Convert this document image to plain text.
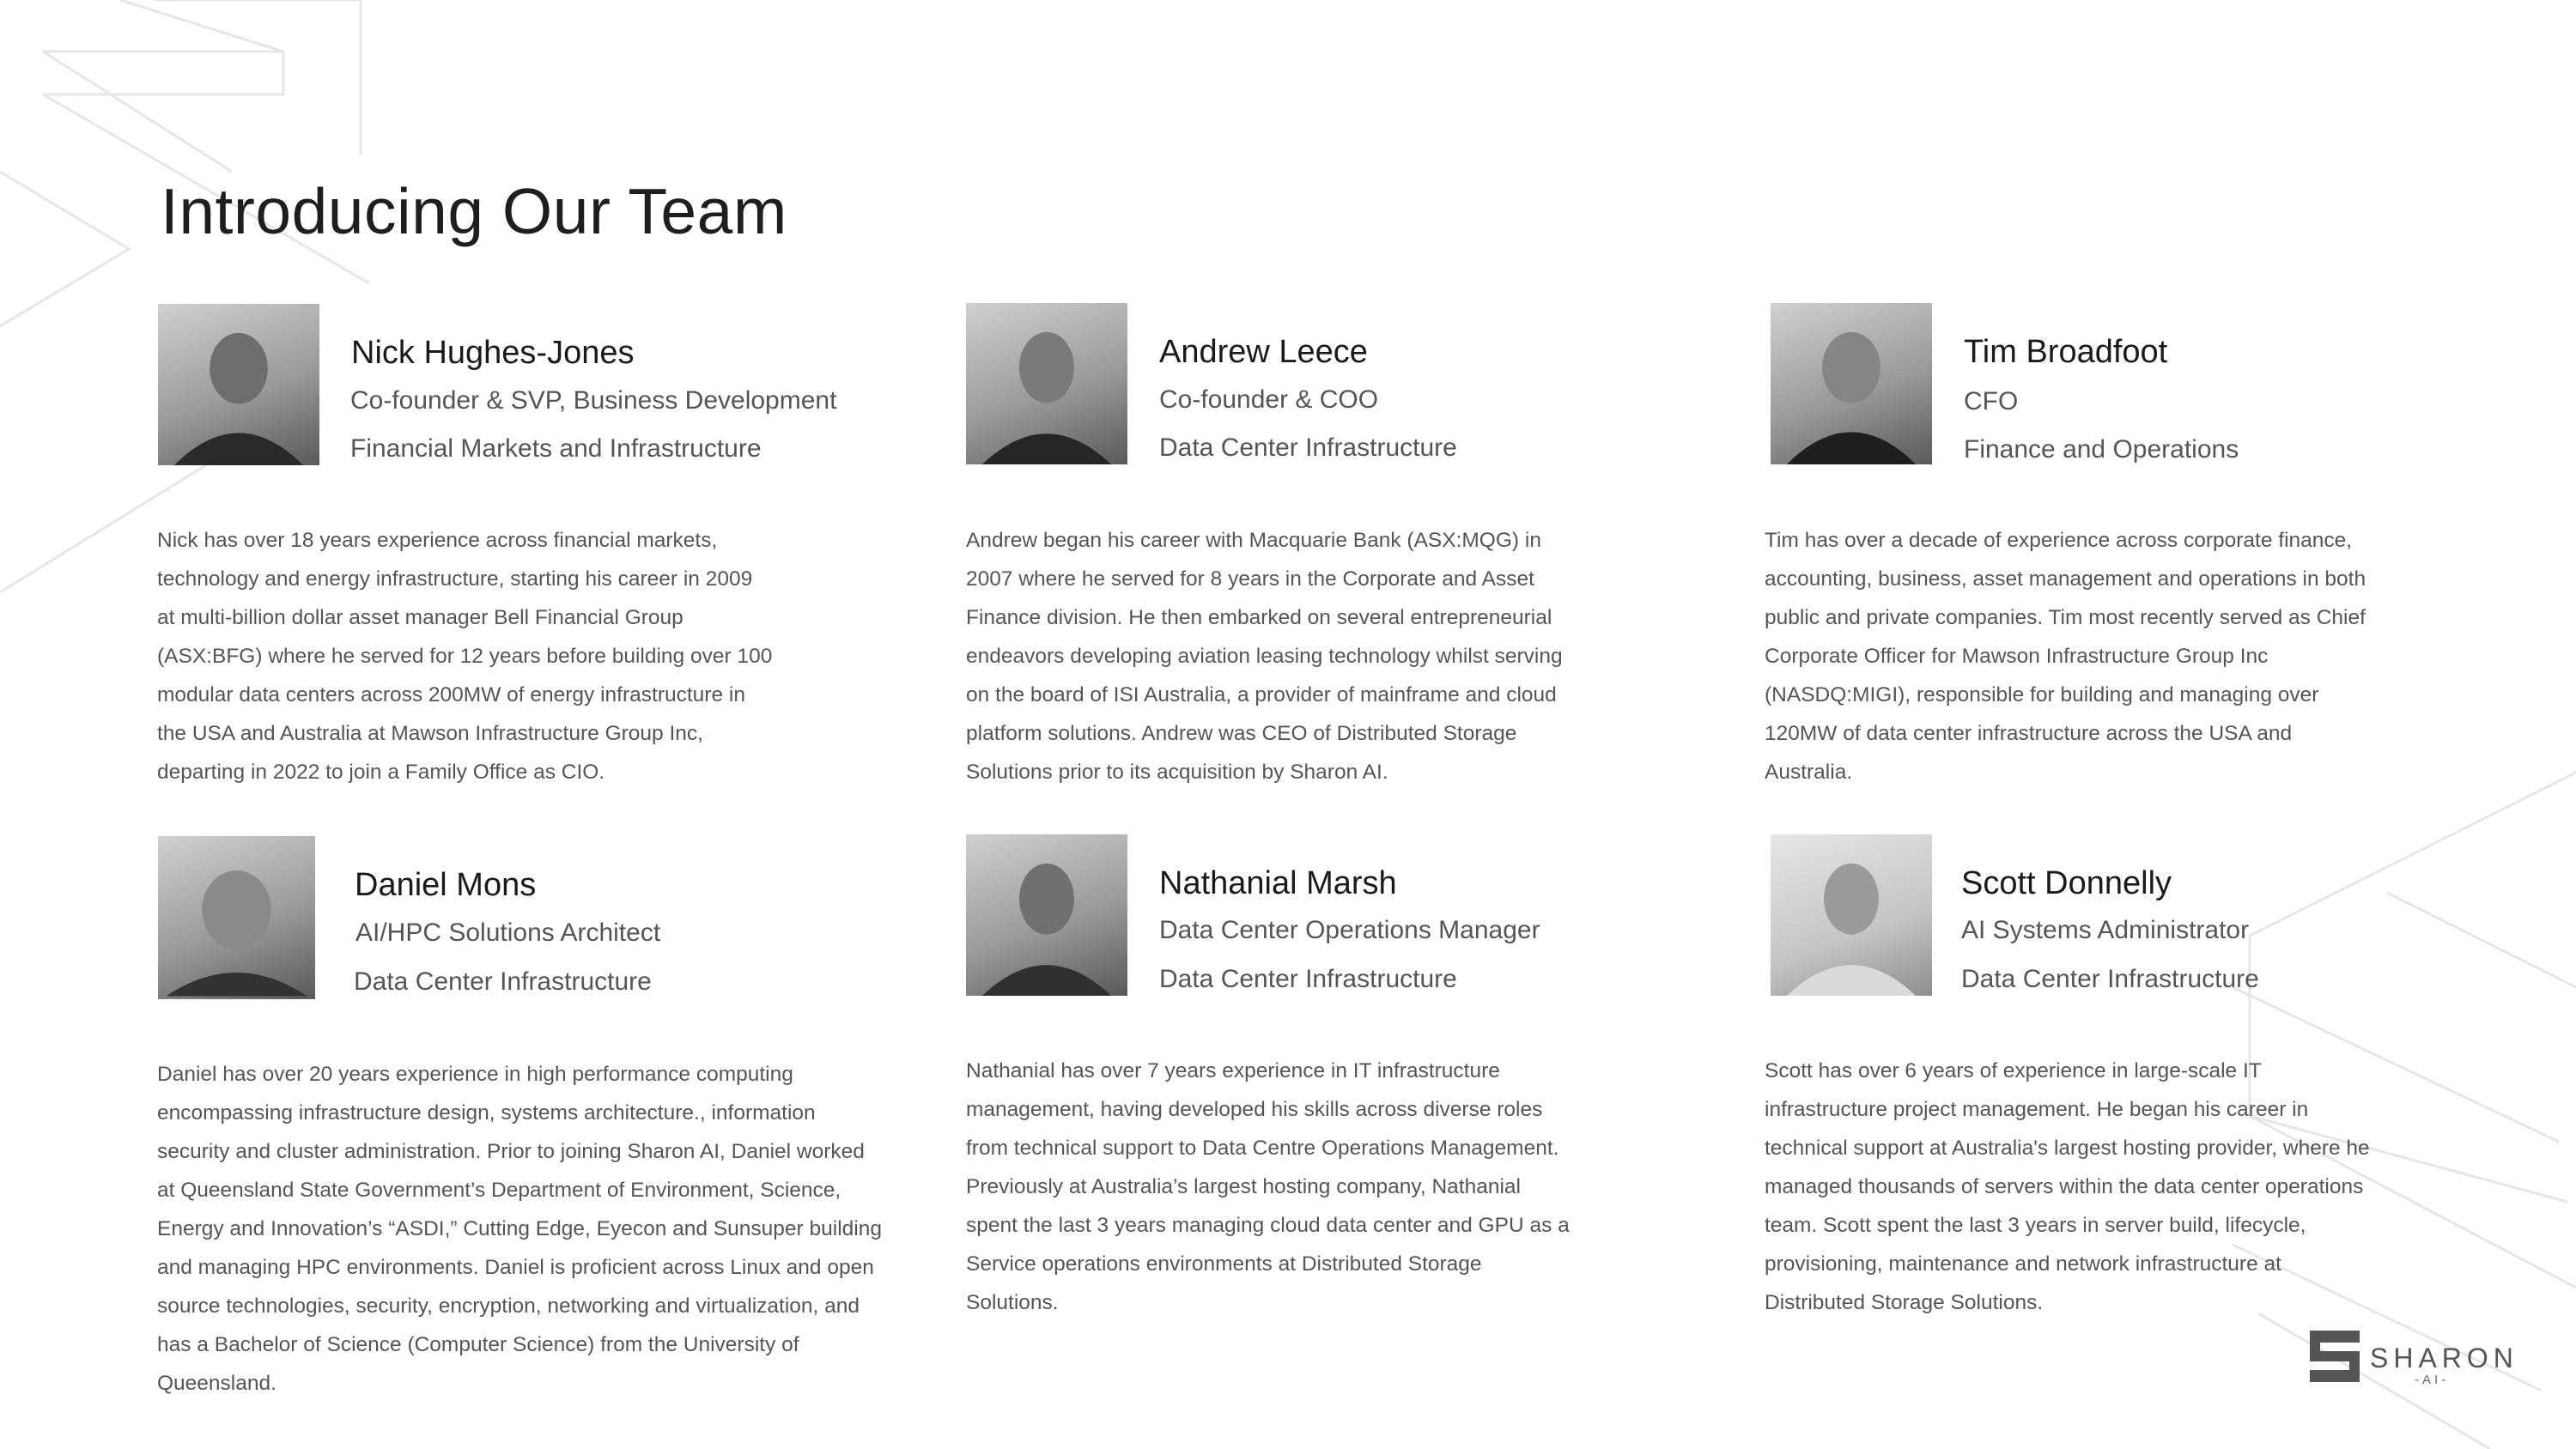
Introducing Our Team
Nick Hughes-Jones
Co-founder & SVP, Business Development
Financial Markets and Infrastructure
Nick has over 18 years experience across financial markets,
technology and energy infrastructure, starting his career in 2009
at multi-billion dollar asset manager Bell Financial Group
(ASX:BFG) where he served for 12 years before building over 100
modular data centers across 200MW of energy infrastructure in
the USA and Australia at Mawson Infrastructure Group Inc,
departing in 2022 to join a Family Office as CIO.
Andrew Leece
Co-founder & COO
Data Center Infrastructure
Andrew began his career with Macquarie Bank (ASX:MQG) in
2007 where he served for 8 years in the Corporate and Asset
Finance division. He then embarked on several entrepreneurial
endeavors developing aviation leasing technology whilst serving
on the board of ISI Australia, a provider of mainframe and cloud
platform solutions. Andrew was CEO of Distributed Storage
Solutions prior to its acquisition by Sharon AI.
Tim Broadfoot
CFO
Finance and Operations
Tim has over a decade of experience across corporate finance,
accounting, business, asset management and operations in both
public and private companies. Tim most recently served as Chief
Corporate Officer for Mawson Infrastructure Group Inc
(NASDQ:MIGI), responsible for building and managing over
120MW of data center infrastructure across the USA and
Australia.
Daniel Mons
AI/HPC Solutions Architect
Data Center Infrastructure
Daniel has over 20 years experience in high performance computing
encompassing infrastructure design, systems architecture., information
security and cluster administration. Prior to joining Sharon AI, Daniel worked
at Queensland State Government’s Department of Environment, Science,
Energy and Innovation’s “ASDI,” Cutting Edge, Eyecon and Sunsuper building
and managing HPC environments. Daniel is proficient across Linux and open
source technologies, security, encryption, networking and virtualization, and
has a Bachelor of Science (Computer Science) from the University of
Queensland.
Nathanial Marsh
Data Center Operations Manager
Data Center Infrastructure
Nathanial has over 7 years experience in IT infrastructure
management, having developed his skills across diverse roles
from technical support to Data Centre Operations Management.
Previously at Australia’s largest hosting company, Nathanial
spent the last 3 years managing cloud data center and GPU as a
Service operations environments at Distributed Storage
Solutions.
Scott Donnelly
AI Systems Administrator
Data Center Infrastructure
Scott has over 6 years of experience in large-scale IT
infrastructure project management. He began his career in
technical support at Australia's largest hosting provider, where he
managed thousands of servers within the data center operations
team. Scott spent the last 3 years in server build, lifecycle,
provisioning, maintenance and network infrastructure at
Distributed Storage Solutions.
SHARON
-AI-
